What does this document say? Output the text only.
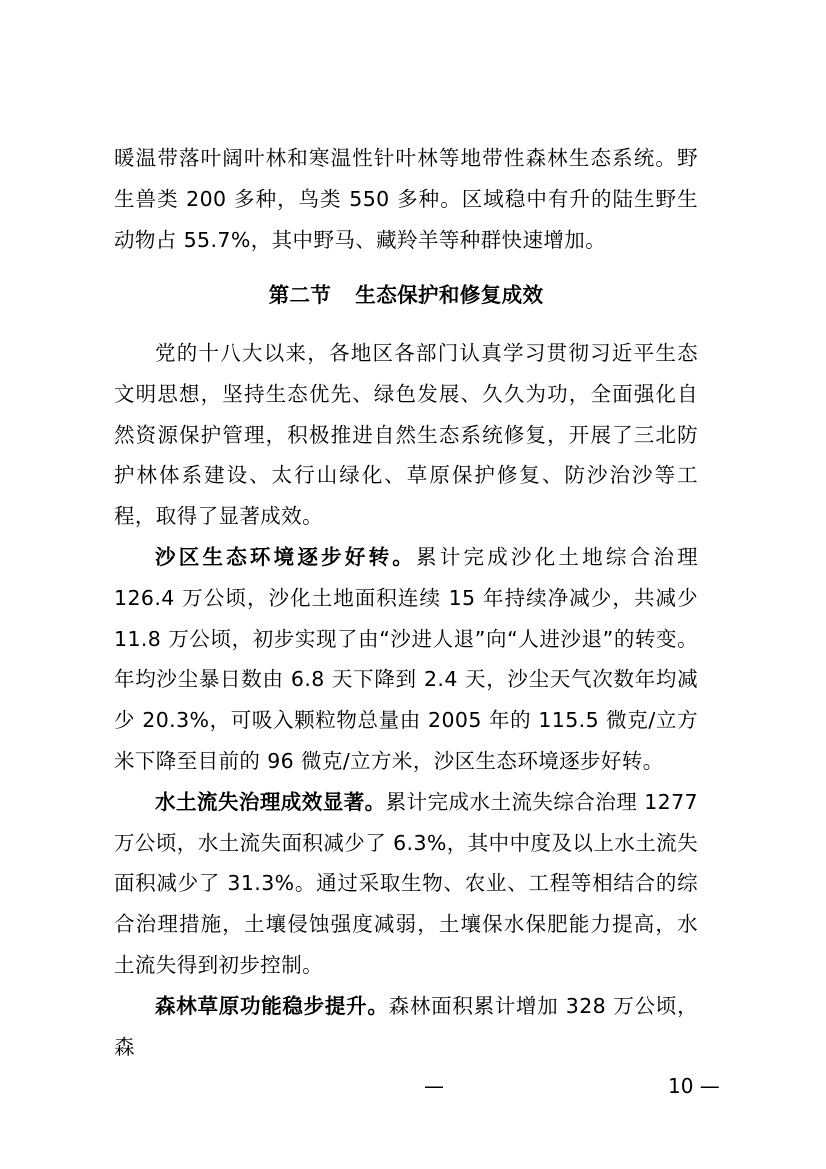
暖温带落叶阔叶林和寒温性针叶林等地带性森林生态系统。野生兽类 200 多种，鸟类 550 多种。区域稳中有升的陆生野生动物占 55.7%，其中野马、藏羚羊等种群快速增加。

第二节 生态保护和修复成效

党的十八大以来，各地区各部门认真学习贯彻习近平生态文明思想，坚持生态优先、绿色发展、久久为功，全面强化自然资源保护管理，积极推进自然生态系统修复，开展了三北防护林体系建设、太行山绿化、草原保护修复、防沙治沙等工程，取得了显著成效。

沙区生态环境逐步好转。累计完成沙化土地综合治理 126.4 万公顷，沙化土地面积连续 15 年持续净减少，共减少 11.8 万公顷，初步实现了由“沙进人退”向“人进沙退”的转变。年均沙尘暴日数由 6.8 天下降到 2.4 天，沙尘天气次数年均减少 20.3%，可吸入颗粒物总量由 2005 年的 115.5 微克/立方米下降至目前的 96 微克/立方米，沙区生态环境逐步好转。

水土流失治理成效显著。累计完成水土流失综合治理 1277 万公顷，水土流失面积减少了 6.3%，其中中度及以上水土流失面积减少了 31.3%。通过采取生物、农业、工程等相结合的综合治理措施，土壤侵蚀强度减弱，土壤保水保肥能力提高，水土流失得到初步控制。

森林草原功能稳步提升。森林面积累计增加 328 万公顷，森

—	10 —
